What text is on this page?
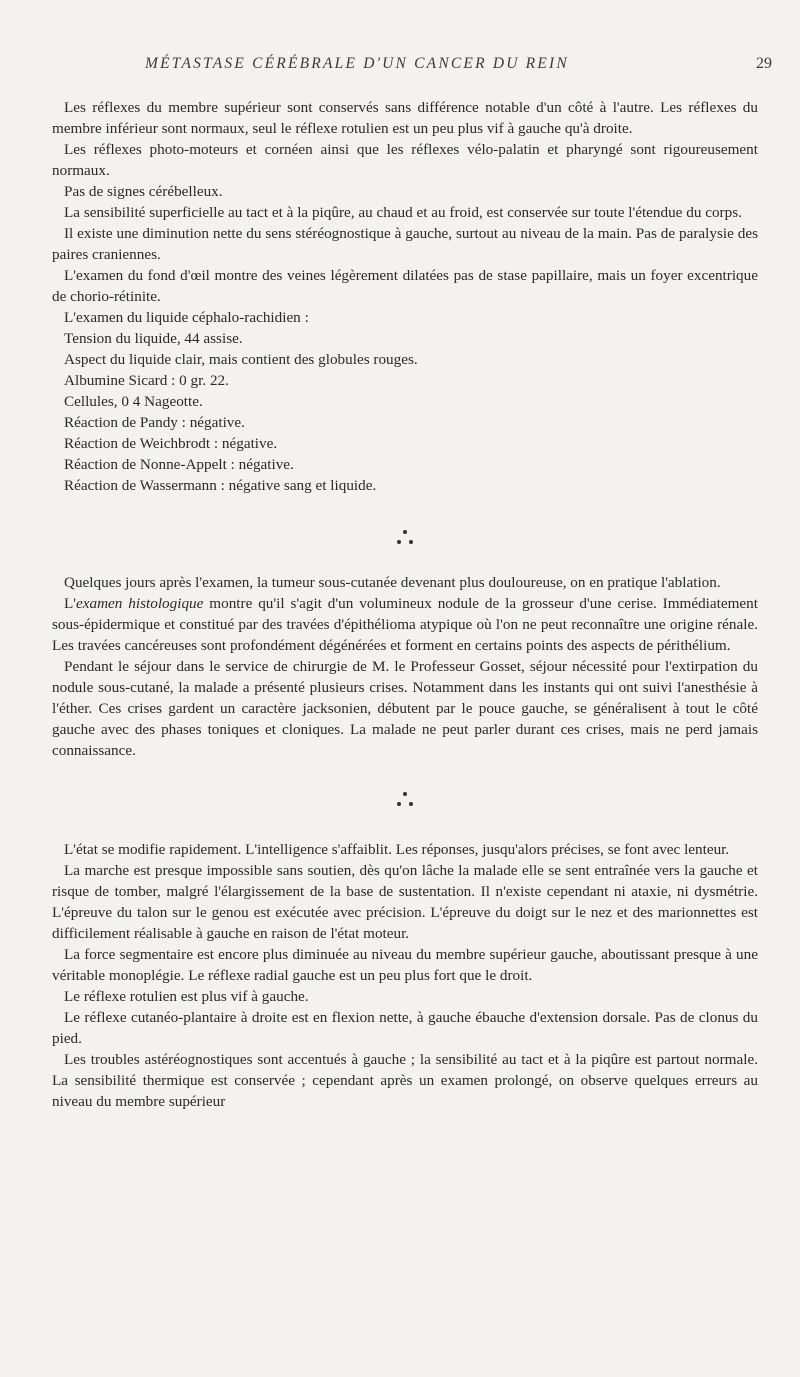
MÉTASTASE CÉRÉBRALE D'UN CANCER DU REIN	29

Les réflexes du membre supérieur sont conservés sans différence notable d'un côté à l'autre. Les réflexes du membre inférieur sont normaux, seul le réflexe rotulien est un peu plus vif à gauche qu'à droite.

Les réflexes photo-moteurs et cornéen ainsi que les réflexes vélo-palatin et pharyngé sont rigoureusement normaux.

Pas de signes cérébelleux.

La sensibilité superficielle au tact et à la piqûre, au chaud et au froid, est conservée sur toute l'étendue du corps.

Il existe une diminution nette du sens stéréognostique à gauche, surtout au niveau de la main. Pas de paralysie des paires craniennes.

L'examen du fond d'œil montre des veines légèrement dilatées pas de stase papillaire, mais un foyer excentrique de chorio-rétinite.

L'examen du liquide céphalo-rachidien :

Tension du liquide, 44 assise.

Aspect du liquide clair, mais contient des globules rouges.

Albumine Sicard : 0 gr. 22.

Cellules, 0 4 Nageotte.

Réaction de Pandy : négative.

Réaction de Weichbrodt : négative.

Réaction de Nonne-Appelt : négative.

Réaction de Wassermann : négative sang et liquide.

Quelques jours après l'examen, la tumeur sous-cutanée devenant plus douloureuse, on en pratique l'ablation.

L'examen histologique montre qu'il s'agit d'un volumineux nodule de la grosseur d'une cerise. Immédiatement sous-épidermique et constitué par des travées d'épithélioma atypique où l'on ne peut reconnaître une origine rénale. Les travées cancéreuses sont profondément dégénérées et forment en certains points des aspects de périthélium.

Pendant le séjour dans le service de chirurgie de M. le Professeur Gosset, séjour nécessité pour l'extirpation du nodule sous-cutané, la malade a présenté plusieurs crises. Notamment dans les instants qui ont suivi l'anesthésie à l'éther. Ces crises gardent un caractère jacksonien, débutent par le pouce gauche, se généralisent à tout le côté gauche avec des phases toniques et cloniques. La malade ne peut parler durant ces crises, mais ne perd jamais connaissance.

L'état se modifie rapidement. L'intelligence s'affaiblit. Les réponses, jusqu'alors précises, se font avec lenteur.

La marche est presque impossible sans soutien, dès qu'on lâche la malade elle se sent entraînée vers la gauche et risque de tomber, malgré l'élargissement de la base de sustentation. Il n'existe cependant ni ataxie, ni dysmétrie. L'épreuve du talon sur le genou est exécutée avec précision. L'épreuve du doigt sur le nez et des marionnettes est difficilement réalisable à gauche en raison de l'état moteur.

La force segmentaire est encore plus diminuée au niveau du membre supérieur gauche, aboutissant presque à une véritable monoplégie. Le réflexe radial gauche est un peu plus fort que le droit.

Le réflexe rotulien est plus vif à gauche.

Le réflexe cutanéo-plantaire à droite est en flexion nette, à gauche ébauche d'extension dorsale. Pas de clonus du pied.

Les troubles astéréognostiques sont accentués à gauche ; la sensibilité au tact et à la piqûre est partout normale. La sensibilité thermique est conservée ; cependant après un examen prolongé, on observe quelques erreurs au niveau du membre supérieur
